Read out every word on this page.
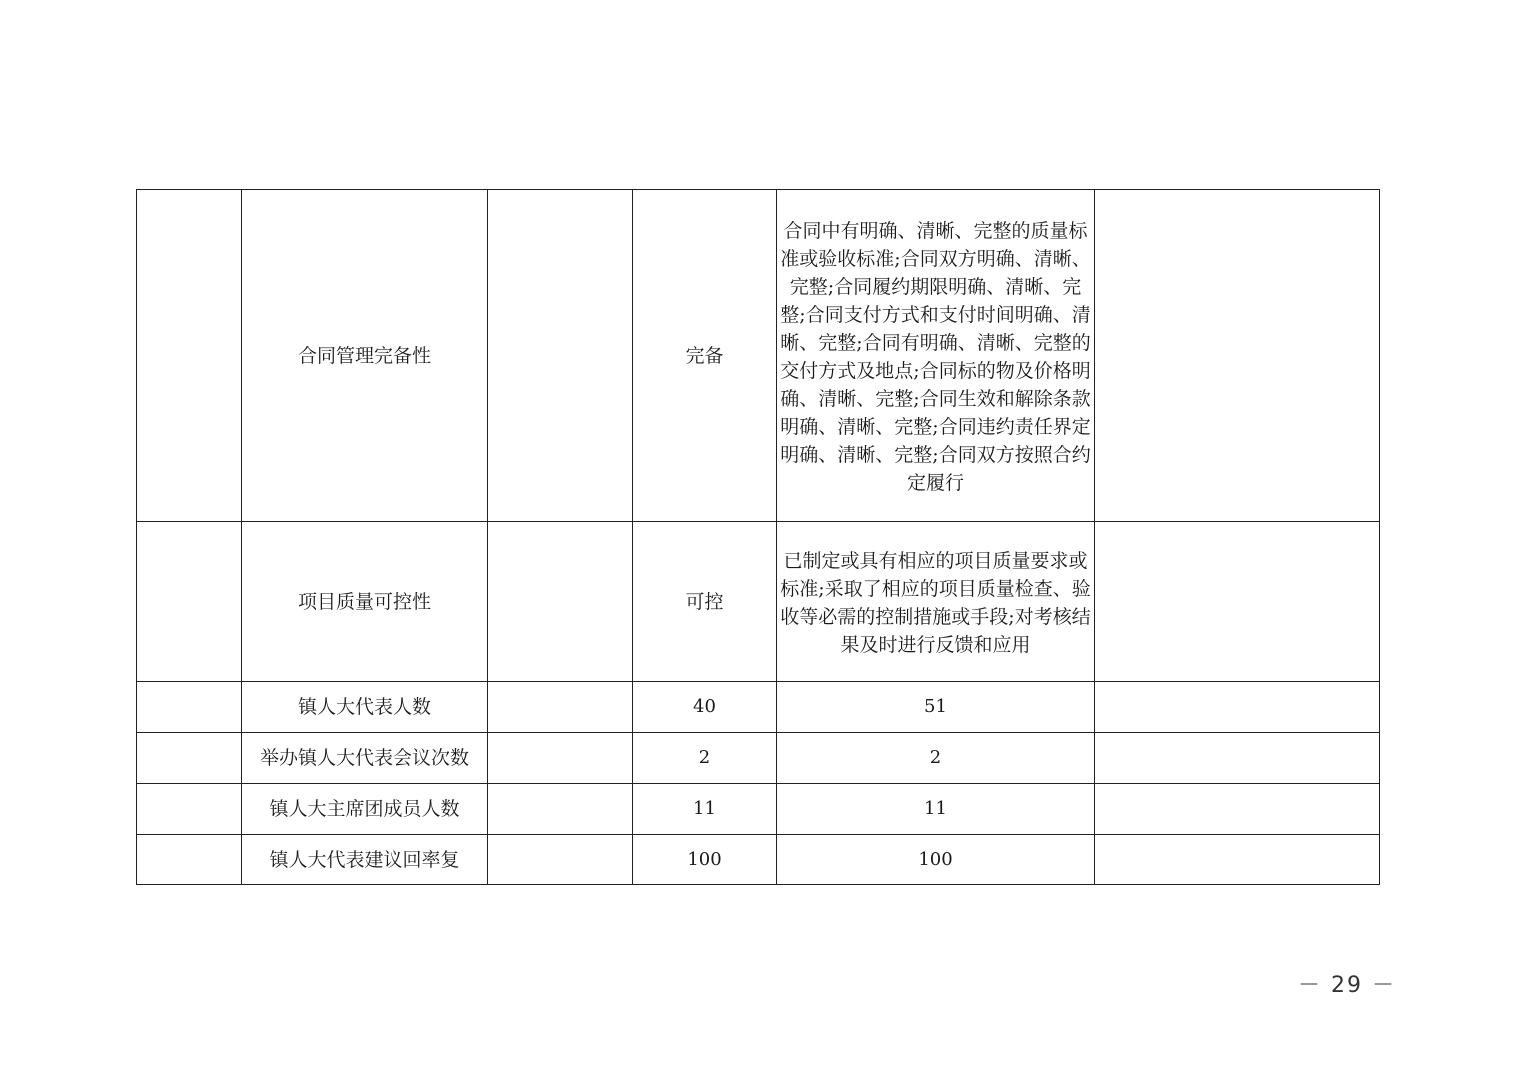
	合同管理完备性		完备	合同中有明确、清晰、完整的质量标准或验收标准;合同双方明确、清晰、完整;合同履约期限明确、清晰、完整;合同支付方式和支付时间明确、清晰、完整;合同有明确、清晰、完整的交付方式及地点;合同标的物及价格明确、清晰、完整;合同生效和解除条款明确、清晰、完整;合同违约责任界定明确、清晰、完整;合同双方按照合约定履行	
	项目质量可控性		可控	已制定或具有相应的项目质量要求或标准;采取了相应的项目质量检查、验收等必需的控制措施或手段;对考核结果及时进行反馈和应用	
	镇人大代表人数		40	51	
	举办镇人大代表会议次数		2	2	
	镇人大主席团成员人数		11	11	
	镇人大代表建议回率复		100	100	
－ 29 －
